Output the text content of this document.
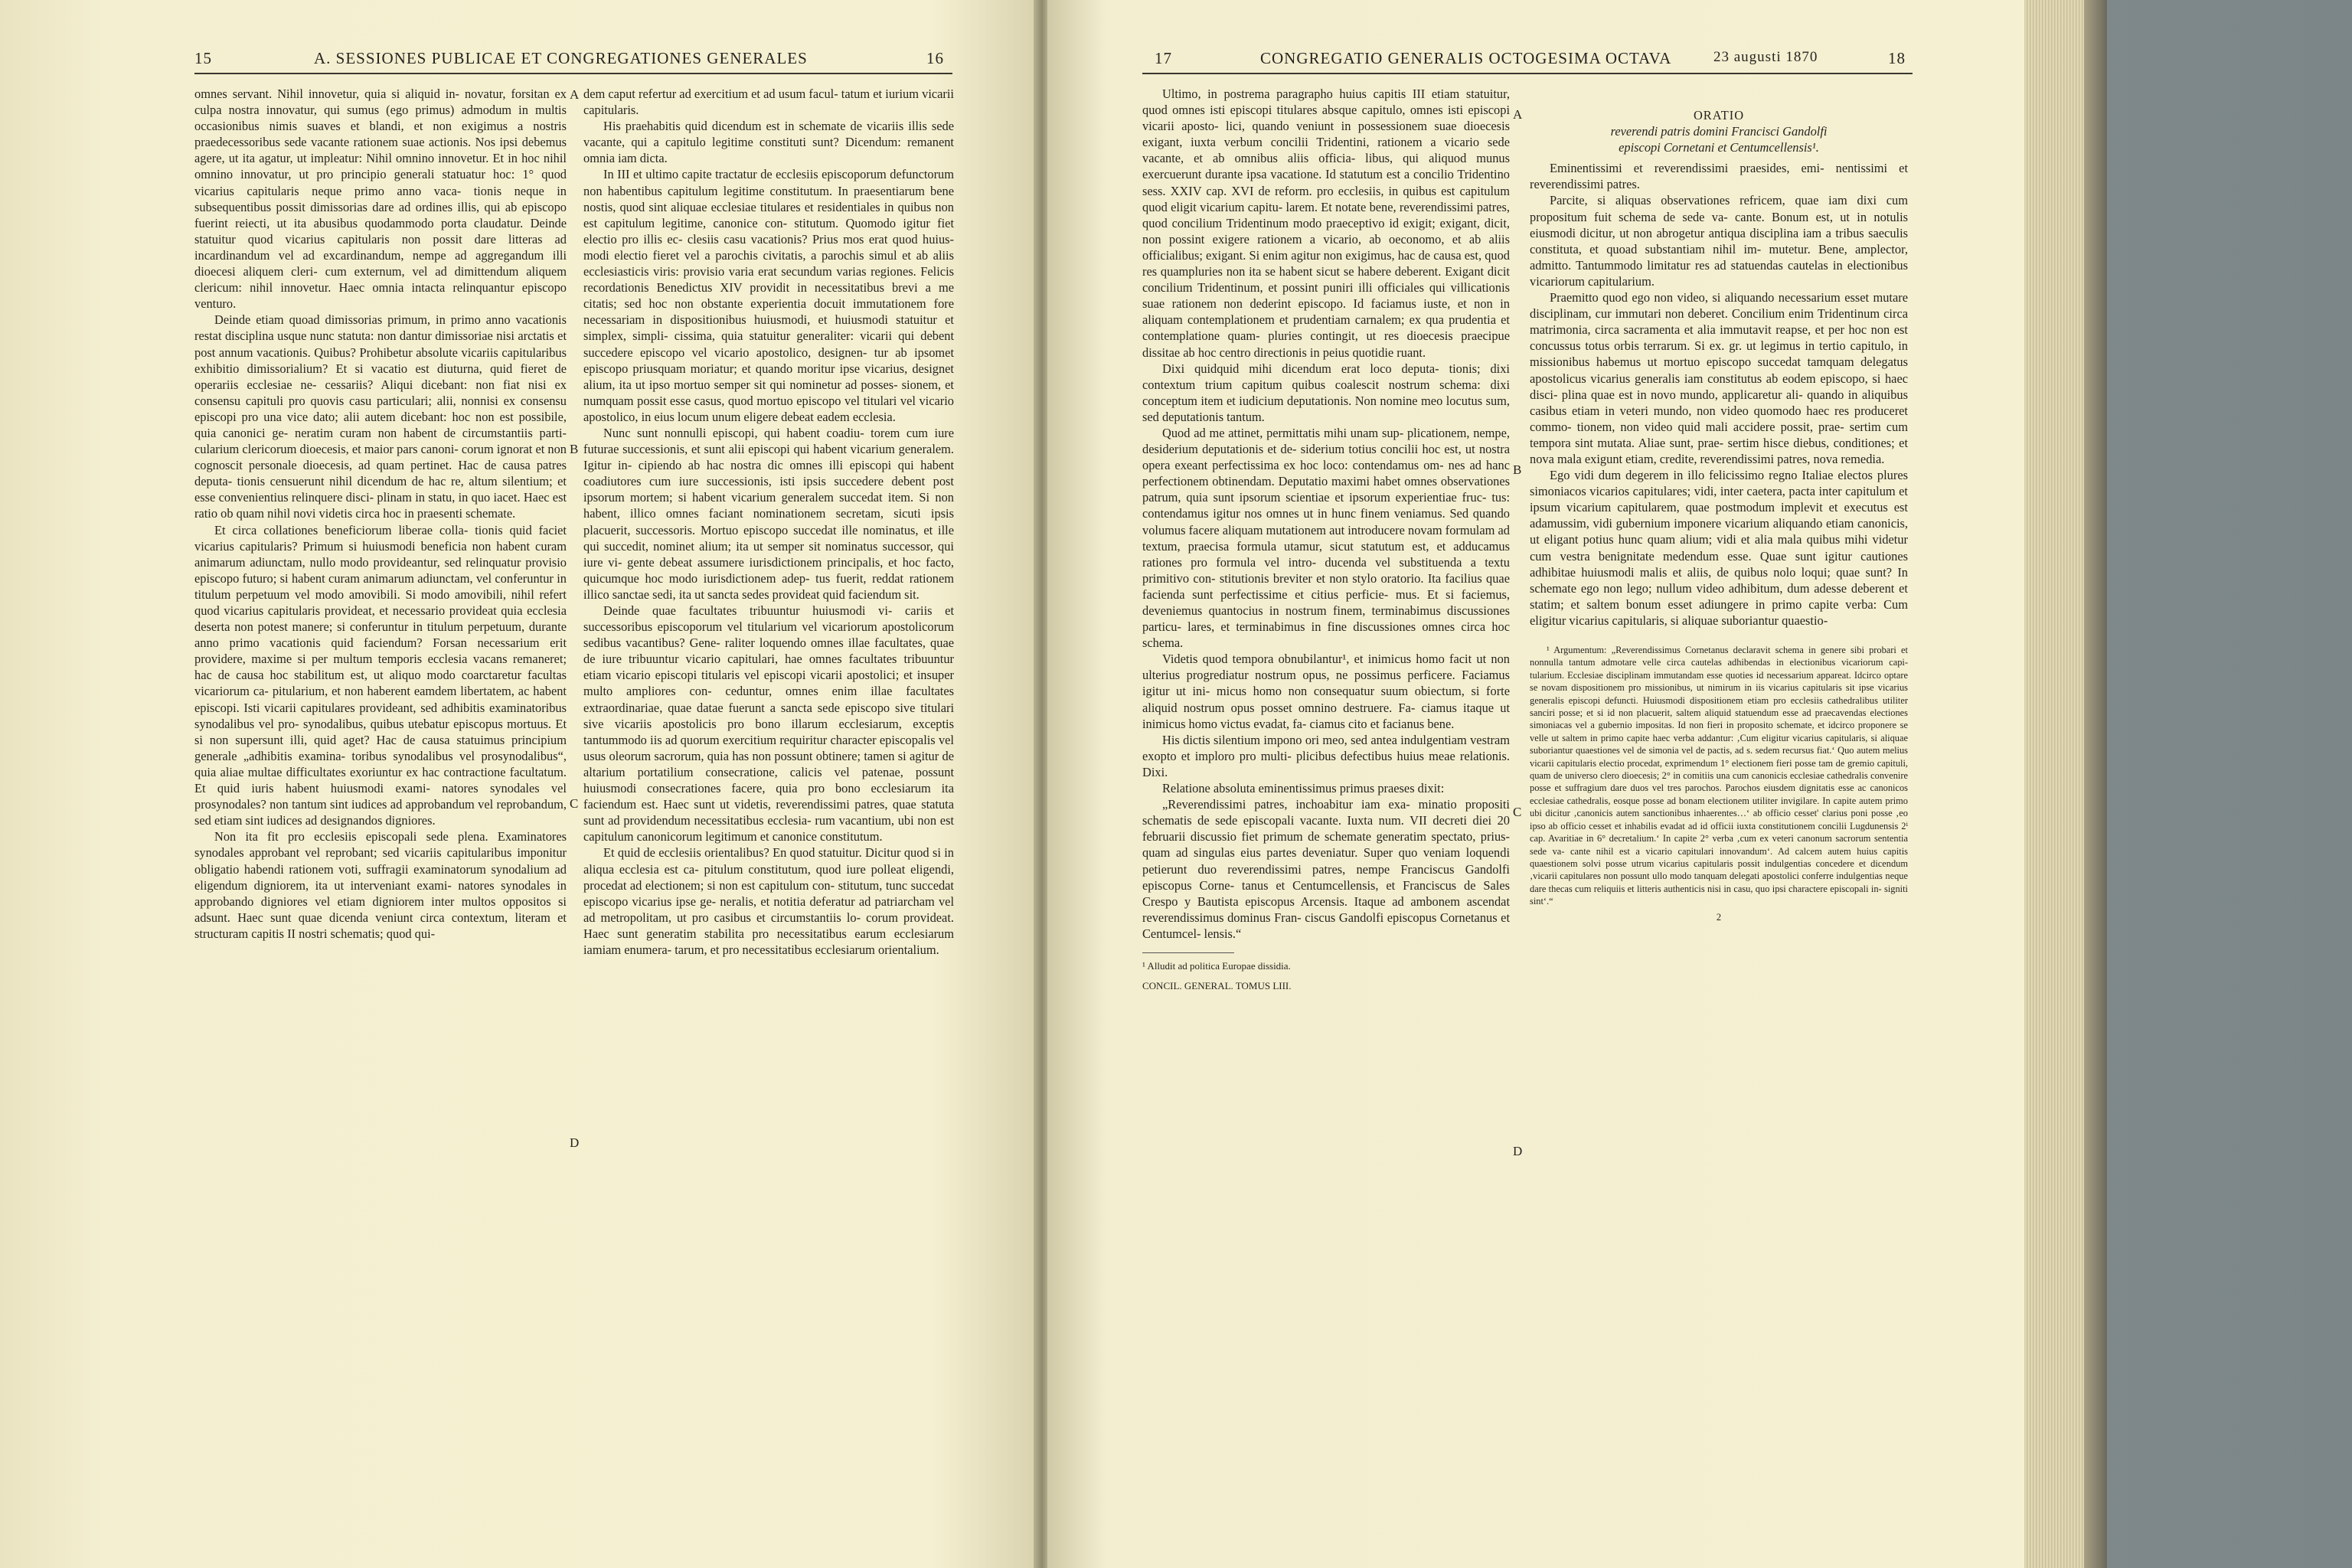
15	A. SESSIONES PUBLICAE ET CONGREGATIONES GENERALES	16

omnes servant. Nihil innovetur, quia si aliquid in- novatur, forsitan ex culpa nostra innovatur, qui sumus (ego primus) admodum in multis occasionibus nimis suaves et blandi, et non exigimus a nostris praedecessoribus sede vacante rationem suae actionis. Nos ipsi debemus agere, ut ita agatur, ut impleatur: Nihil omnino innovetur. Et in hoc nihil omnino innovatur, ut pro principio generali statuatur hoc: 1° quod vicarius capitularis neque primo anno vaca- tionis neque in subsequentibus possit dimissorias dare ad ordines illis, qui ab episcopo fuerint reiecti, ut ita abusibus quodammodo porta claudatur. Deinde statuitur quod vicarius capitularis non possit dare litteras ad incardinandum vel ad excardinandum, nempe ad aggregandum illi dioecesi aliquem cleri- cum externum, vel ad dimittendum aliquem clericum: nihil innovetur. Haec omnia intacta relinquantur episcopo venturo.

Deinde etiam quoad dimissorias primum, in primo anno vacationis restat disciplina usque nunc statuta: non dantur dimissoriae nisi arctatis et post annum vacationis. Quibus? Prohibetur absolute vicariis capitularibus exhibitio dimissorialium? Et si vacatio est diuturna, quid fieret de operariis ecclesiae ne- cessariis? Aliqui dicebant: non fiat nisi ex consensu capituli pro quovis casu particulari; alii, nonnisi ex consensu episcopi pro una vice dato; alii autem dicebant: hoc non est possibile, quia canonici ge- neratim curam non habent de circumstantiis parti- cularium clericorum dioecesis, et maior pars canoni- corum ignorat et non cognoscit personale dioecesis, ad quam pertinet. Hac de causa patres deputa- tionis censuerunt nihil dicendum de hac re, altum silentium; et esse convenientius relinquere disci- plinam in statu, in quo iacet. Haec est ratio ob quam nihil novi videtis circa hoc in praesenti schemate.

Et circa collationes beneficiorum liberae colla- tionis quid faciet vicarius capitularis? Primum si huiusmodi beneficia non habent curam animarum adiunctam, nullo modo provideantur, sed relinquatur provisio episcopo futuro; si habent curam animarum adiunctam, vel conferuntur in titulum perpetuum vel modo amovibili. Si modo amovibili, nihil refert quod vicarius capitularis provideat, et necessario provideat quia ecclesia deserta non potest manere; si conferuntur in titulum perpetuum, durante anno primo vacationis quid faciendum? Forsan necessarium erit providere, maxime si per multum temporis ecclesia vacans remaneret; hac de causa hoc stabilitum est, ut aliquo modo coarctaretur facultas vicariorum ca- pitularium, et non haberent eamdem libertatem, ac habent episcopi. Isti vicarii capitulares provideant, sed adhibitis examinatoribus synodalibus vel pro- synodalibus, quibus utebatur episcopus mortuus. Et si non supersunt illi, quid aget? Hac de causa statuimus principium generale „adhibitis examina- toribus synodalibus vel prosynodalibus“, quia aliae multae difficultates exoriuntur ex hac contractione facultatum. Et quid iuris habent huiusmodi exami- natores synodales vel prosynodales? non tantum sint iudices ad approbandum vel reprobandum, sed etiam sint iudices ad designandos digniores.

Non ita fit pro ecclesiis episcopali sede plena. Examinatores synodales approbant vel reprobant; sed vicariis capitularibus imponitur obligatio habendi rationem voti, suffragii examinatorum synodalium ad eligendum digniorem, ita ut interveniant exami- natores synodales in approbando digniores vel etiam digniorem inter multos oppositos si adsunt. Haec sunt quae dicenda veniunt circa contextum, literam et structuram capitis II nostri schematis; quod qui-

A
B
C
D

dem caput refertur ad exercitium et ad usum facul- tatum et iurium vicarii capitularis.

His praehabitis quid dicendum est in schemate de vicariis illis sede vacante, qui a capitulo legitime constituti sunt? Dicendum: remanent omnia iam dicta.

In III et ultimo capite tractatur de ecclesiis episcoporum defunctorum non habentibus capitulum legitime constitutum. In praesentiarum bene nostis, quod sint aliquae ecclesiae titulares et residentiales in quibus non est capitulum legitime, canonice con- stitutum. Quomodo igitur fiet electio pro illis ec- clesiis casu vacationis? Prius mos erat quod huius- modi electio fieret vel a parochis civitatis, a parochis simul et ab aliis ecclesiasticis viris: provisio varia erat secundum varias regiones. Felicis recordationis Benedictus XIV providit in necessitatibus brevi a me citatis; sed hoc non obstante experientia docuit immutationem fore necessariam in dispositionibus huiusmodi, et huiusmodi statuitur et simplex, simpli- cissima, quia statuitur generaliter: vicarii qui debent succedere episcopo vel vicario apostolico, designen- tur ab ipsomet episcopo priusquam moriatur; et quando moritur ipse vicarius, designet alium, ita ut ipso mortuo semper sit qui nominetur ad posses- sionem, et numquam possit esse casus, quod mortuo episcopo vel titulari vel vicario apostolico, in eius locum unum eligere debeat eadem ecclesia.

Nunc sunt nonnulli episcopi, qui habent coadiu- torem cum iure futurae successionis, et sunt alii episcopi qui habent vicarium generalem. Igitur in- cipiendo ab hac nostra dic omnes illi episcopi qui habent coadiutores cum iure successionis, isti ipsis succedere debent post ipsorum mortem; si habent vicarium generalem succedat item. Si non habent, illico omnes faciant nominationem secretam, sicuti ipsis placuerit, successoris. Mortuo episcopo succedat ille nominatus, et ille qui succedit, nominet alium; ita ut semper sit nominatus successor, qui iure vi- gente debeat assumere iurisdictionem principalis, et hoc facto, quicumque hoc modo iurisdictionem adep- tus fuerit, reddat rationem illico sanctae sedi, ita ut sancta sedes provideat quid faciendum sit.

Deinde quae facultates tribuuntur huiusmodi vi- cariis et successoribus episcoporum vel titularium vel vicariorum apostolicorum sedibus vacantibus? Gene- raliter loquendo omnes illae facultates, quae de iure tribuuntur vicario capitulari, hae omnes facultates tribuuntur etiam vicario episcopi titularis vel episcopi vicarii apostolici; et insuper multo ampliores con- ceduntur, omnes enim illae facultates extraordinariae, quae datae fuerunt a sancta sede episcopo sive titulari sive vicariis apostolicis pro bono illarum ecclesiarum, exceptis tantummodo iis ad quorum exercitium requiritur character episcopalis vel usus oleorum sacrorum, quia has non possunt obtinere; tamen si agitur de altarium portatilium consecratione, calicis vel patenae, possunt huiusmodi consecrationes facere, quia pro bono ecclesiarum ita faciendum est. Haec sunt ut videtis, reverendissimi patres, quae statuta sunt ad providendum necessitatibus ecclesia- rum vacantium, ubi non est capitulum canonicorum legitimum et canonice constitutum.

Et quid de ecclesiis orientalibus? En quod statuitur. Dicitur quod si in aliqua ecclesia est ca- pitulum constitutum, quod iure polleat eligendi, procedat ad electionem; si non est capitulum con- stitutum, tunc succedat episcopo vicarius ipse ge- neralis, et notitia deferatur ad patriarcham vel ad metropolitam, ut pro casibus et circumstantiis lo- corum provideat. Haec sunt generatim stabilita pro necessitatibus earum ecclesiarum iamiam enumera- tarum, et pro necessitatibus ecclesiarum orientalium.

17	CONGREGATIO GENERALIS OCTOGESIMA OCTAVA	23 augusti 1870	18

Ultimo, in postrema paragrapho huius capitis III etiam statuitur, quod omnes isti episcopi titulares absque capitulo, omnes isti episcopi vicarii aposto- lici, quando veniunt in possessionem suae dioecesis exigant, iuxta verbum concilii Tridentini, rationem a vicario sede vacante, et ab omnibus aliis officia- libus, qui aliquod munus exercuerunt durante ipsa vacatione. Id statutum est a concilio Tridentino sess. XXIV cap. XVI de reform. pro ecclesiis, in quibus est capitulum quod eligit vicarium capitu- larem. Et notate bene, reverendissimi patres, quod concilium Tridentinum modo praeceptivo id exigit; exigant, dicit, non possint exigere rationem a vicario, ab oeconomo, et ab aliis officialibus; exigant. Si enim agitur non exigimus, hac de causa est, quod res quampluries non ita se habent sicut se habere deberent. Exigant dicit concilium Tridentinum, et possint puniri illi officiales qui villicationis suae rationem non dederint episcopo. Id faciamus iuste, et non in aliquam contemplationem et prudentiam carnalem; ex qua prudentia et contemplatione quam- pluries contingit, ut res dioecesis praecipue dissitae ab hoc centro directionis in peius quotidie ruant.

Dixi quidquid mihi dicendum erat loco deputa- tionis; dixi contextum trium capitum quibus coalescit nostrum schema: dixi conceptum item et iudicium deputationis. Non nomine meo locutus sum, sed deputationis tantum.

Quod ad me attinet, permittatis mihi unam sup- plicationem, nempe, desiderium deputationis et de- siderium totius concilii hoc est, ut nostra opera exeant perfectissima ex hoc loco: contendamus om- nes ad hanc perfectionem obtinendam. Deputatio maximi habet omnes observationes patrum, quia sunt ipsorum scientiae et ipsorum experientiae fruc- tus: contendamus igitur nos omnes ut in hunc finem veniamus. Sed quando volumus facere aliquam mutationem aut introducere novam formulam ad textum, praecisa formula utamur, sicut statutum est, et adducamus rationes pro formula vel intro- ducenda vel substituenda a textu primitivo con- stitutionis breviter et non stylo oratorio. Ita facilius quae facienda sunt perfectissime et citius perficie- mus. Et si faciemus, deveniemus quantocius in nostrum finem, terminabimus discussiones particu- lares, et terminabimus in fine discussiones omnes circa hoc schema.

Videtis quod tempora obnubilantur¹, et inimicus homo facit ut non ulterius progrediatur nostrum opus, ne possimus perficere. Faciamus igitur ut ini- micus homo non consequatur suum obiectum, si forte aliquid nostrum opus posset omnino destruere. Fa- ciamus itaque ut inimicus homo victus evadat, fa- ciamus cito et facianus bene.

His dictis silentium impono ori meo, sed antea indulgentiam vestram exopto et imploro pro multi- plicibus defectibus huius meae relationis. Dixi.

Relatione absoluta eminentissimus primus praeses dixit:

„Reverendissimi patres, inchoabitur iam exa- minatio propositi schematis de sede episcopali vacante. Iuxta num. VII decreti diei 20 februarii discussio fiet primum de schemate generatim spectato, prius- quam ad singulas eius partes deveniatur. Super quo veniam loquendi petierunt duo reverendissimi patres, nempe Franciscus Gandolfi episcopus Corne- tanus et Centumcellensis, et Franciscus de Sales Crespo y Bautista episcopus Arcensis. Itaque ad ambonem ascendat reverendissimus dominus Fran- ciscus Gandolfi episcopus Cornetanus et Centumcel- lensis.“

¹ Alludit ad politica Europae dissidia.

CONCIL. GENERAL. TOMUS LIII.

A
B
C
D
ORATIO
reverendi patris domini Francisci Gandolfi
episcopi Cornetani et Centumcellensis¹.

Eminentissimi et reverendissimi praesides, emi- nentissimi et reverendissimi patres.

Parcite, si aliquas observationes refricem, quae iam dixi cum propositum fuit schema de sede va- cante. Bonum est, ut in notulis eiusmodi dicitur, ut non abrogetur antiqua disciplina iam a tribus saeculis constituta, et quoad substantiam nihil im- mutetur. Bene, amplector, admitto. Tantummodo limitatur res ad statuendas cautelas in electionibus vicariorum capitularium.

Praemitto quod ego non video, si aliquando necessarium esset mutare disciplinam, cur immutari non deberet. Concilium enim Tridentinum circa matrimonia, circa sacramenta et alia immutavit reapse, et per hoc non est concussus totus orbis terrarum. Si ex. gr. ut legimus in tertio capitulo, in missionibus habemus ut mortuo episcopo succedat tamquam delegatus apostolicus vicarius generalis iam constitutus ab eodem episcopo, si haec disci- plina quae est in novo mundo, applicaretur ali- quando in aliquibus casibus etiam in veteri mundo, non video quomodo haec res produceret commo- tionem, non video quid mali accidere possit, prae- sertim cum tempora sint mutata. Aliae sunt, prae- sertim hisce diebus, conditiones; et nova mala exigunt etiam, credite, reverendissimi patres, nova remedia.

Ego vidi dum degerem in illo felicissimo regno Italiae electos plures simoniacos vicarios capitulares; vidi, inter caetera, pacta inter capitulum et ipsum vicarium capitularem, quae postmodum implevit et executus est adamussim, vidi gubernium imponere vicarium aliquando etiam canonicis, ut eligant potius hunc quam alium; vidi et alia mala quibus mihi videtur cum vestra benignitate medendum esse. Quae sunt igitur cautiones adhibitae huiusmodi malis et aliis, de quibus nolo loqui; quae sunt? In schemate ego non lego; nullum video adhibitum, dum adesse deberent et statim; et saltem bonum esset adiungere in primo capite verba: Cum eligitur vicarius capitularis, si aliquae suboriantur quaestio-

¹ Argumentum: „Reverendissimus Cornetanus declaravit schema in genere sibi probari et nonnulla tantum admotare velle circa cautelas adhibendas in electionibus vicariorum capi- tularium. Ecclesiae disciplinam immutandam esse quoties id necessarium appareat. Idcirco optare se novam dispositionem pro missionibus, ut nimirum in iis vicarius capitularis sit ipse vicarius generalis episcopi defuncti. Huiusmodi dispositionem etiam pro ecclesiis cathedralibus utiliter sanciri posse; et si id non placuerit, saltem aliquid statuendum esse ad praecavendas electiones simoniacas vel a gubernio impositas. Id non fieri in proposito schemate, et idcirco proponere se velle ut saltem in primo capite haec verba addantur: ‚Cum eligitur vicarius capitularis, si aliquae suboriantur quaestiones vel de simonia vel de pactis, ad s. sedem recursus fiat.‘ Quo autem melius vicarii capitularis electio procedat, exprimendum 1° electionem fieri posse tam de gremio capituli, quam de universo clero dioecesis; 2° in comitiis una cum canonicis ecclesiae cathedralis convenire posse et suffragium dare duos vel tres parochos. Parochos eiusdem dignitatis esse ac canonicos ecclesiae cathedralis, eosque posse ad bonam electionem utiliter invigilare. In capite autem primo ubi dicitur ‚canonicis autem sanctionibus inhaerentes…‘ ab officio cesset' clarius poni posse ‚eo ipso ab officio cesset et inhabilis evadat ad id officii iuxta constitutionem concilii Lugdunensis 2ⁱ cap. Avaritiae in 6° decretalium.‘ In capite 2° verba ‚cum ex veteri canonum sacrorum sententia sede va- cante nihil est a vicario capitulari innovandum‘. Ad calcem autem huius capitis quaestionem solvi posse utrum vicarius capitularis possit indulgentias concedere et dicendum ‚vicarii capitulares non possunt ullo modo tanquam delegati apostolici conferre indulgentias neque dare thecas cum reliquiis et litteris authenticis nisi in casu, quo ipsi charactere episcopali in- signiti sint‘.“

2
